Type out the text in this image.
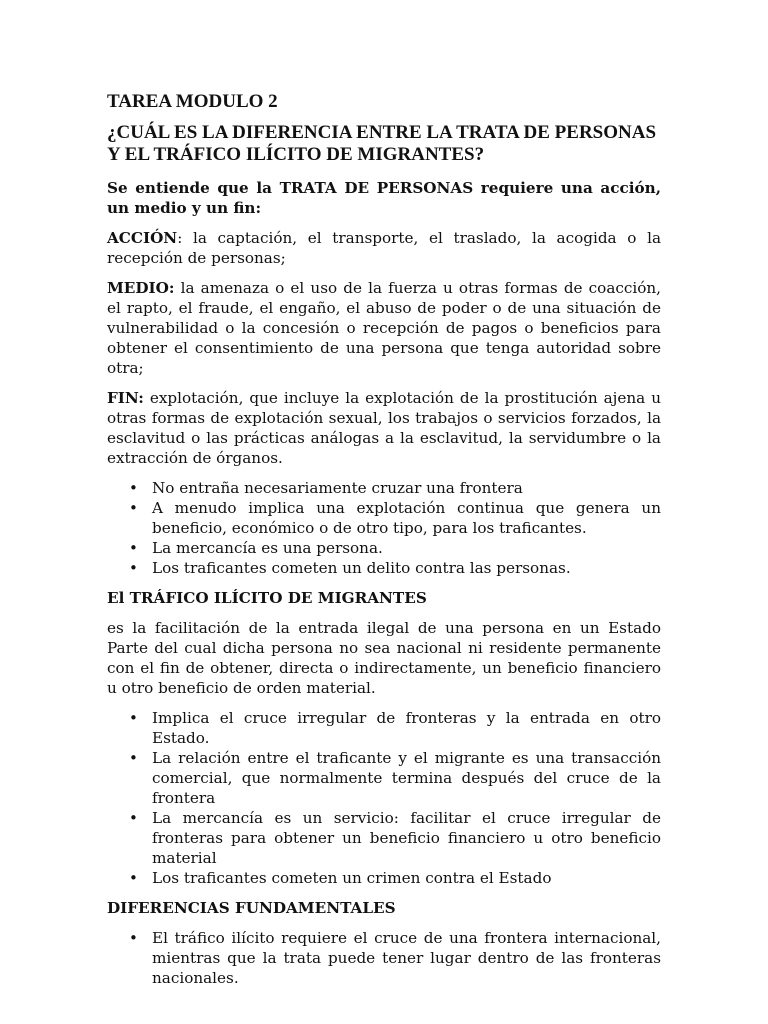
TAREA MODULO 2
¿CUÁL ES LA DIFERENCIA ENTRE LA TRATA DE PERSONAS Y EL TRÁFICO ILÍCITO DE MIGRANTES?

Se entiende que la TRATA DE PERSONAS requiere una acción, un medio y un fin:

ACCIÓN: la captación, el transporte, el traslado, la acogida o la recepción de personas;

MEDIO: la amenaza o el uso de la fuerza u otras formas de coacción, el rapto, el fraude, el engaño, el abuso de poder o de una situación de vulnerabilidad o la concesión o recepción de pagos o beneficios para obtener el consentimiento de una persona que tenga autoridad sobre otra;

FIN: explotación, que incluye la explotación de la prostitución ajena u otras formas de explotación sexual, los trabajos o servicios forzados, la esclavitud o las prácticas análogas a la esclavitud, la servidumbre o la extracción de órganos.

• No entraña necesariamente cruzar una frontera
• A menudo implica una explotación continua que genera un beneficio, económico o de otro tipo, para los traficantes.
• La mercancía es una persona.
• Los traficantes cometen un delito contra las personas.

El TRÁFICO ILÍCITO DE MIGRANTES

es la facilitación de la entrada ilegal de una persona en un Estado Parte del cual dicha persona no sea nacional ni residente permanente con el fin de obtener, directa o indirectamente, un beneficio financiero u otro beneficio de orden material.

• Implica el cruce irregular de fronteras y la entrada en otro Estado.
• La relación entre el traficante y el migrante es una transacción comercial, que normalmente termina después del cruce de la frontera
• La mercancía es un servicio: facilitar el cruce irregular de fronteras para obtener un beneficio financiero u otro beneficio material
• Los traficantes cometen un crimen contra el Estado

DIFERENCIAS FUNDAMENTALES

• El tráfico ilícito requiere el cruce de una frontera internacional, mientras que la trata puede tener lugar dentro de las fronteras nacionales.
